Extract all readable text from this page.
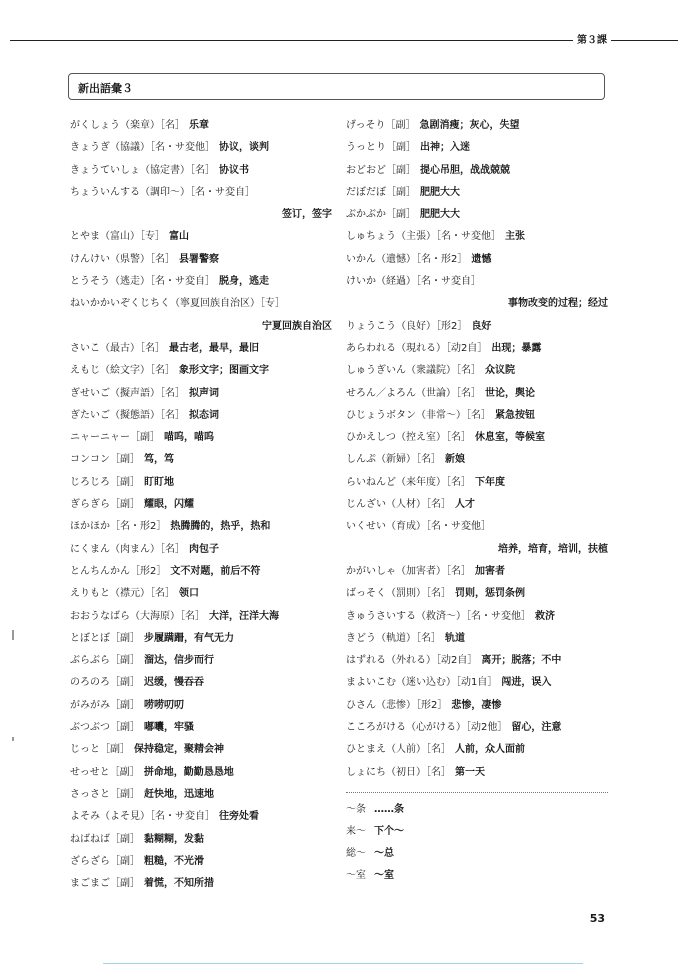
第３課
新出語彙３
がくしょう（楽章）［名］ 乐章
きょうぎ（協議）［名・サ変他］ 协议，谈判
きょうていしょ（協定書）［名］ 协议书
ちょういんする（調印〜）［名・サ変自］
签订，签字
とやま（富山）［专］ 富山
けんけい（県警）［名］ 县署警察
とうそう（逃走）［名・サ変自］ 脱身，逃走
ねいかかいぞくじちく（寧夏回族自治区）［专］
宁夏回族自治区
さいこ（最古）［名］ 最古老，最早，最旧
えもじ（絵文字）［名］ 象形文字；图画文字
ぎせいご（擬声語）［名］ 拟声词
ぎたいご（擬態語）［名］ 拟态词
ニャーニャー［副］ 喵呜，喵呜
コンコン［副］ 笃，笃
じろじろ［副］ 盯盯地
ぎらぎら［副］ 耀眼，闪耀
ほかほか［名・形2］ 热腾腾的，热乎，热和
にくまん（肉まん）［名］ 肉包子
とんちんかん［形2］ 文不对题，前后不符
えりもと（襟元）［名］ 领口
おおうなばら（大海原）［名］ 大洋，汪洋大海
とぼとぼ［副］ 步履蹒跚，有气无力
ぶらぶら［副］ 溜达，信步而行
のろのろ［副］ 迟缓，慢吞吞
がみがみ［副］ 唠唠叨叨
ぶつぶつ［副］ 嘟囔，牢骚
じっと［副］ 保持稳定，聚精会神
せっせと［副］ 拼命地，勤勤恳恳地
さっさと［副］ 赶快地，迅速地
よそみ（よそ見）［名・サ変自］ 往旁处看
ねばねば［副］ 黏糊糊，发黏
ざらざら［副］ 粗糙，不光滑
まごまご［副］ 着慌，不知所措
げっそり［副］ 急剧消瘦；灰心，失望
うっとり［副］ 出神；入迷
おどおど［副］ 提心吊胆，战战兢兢
だぼだぼ［副］ 肥肥大大
ぶかぶか［副］ 肥肥大大
しゅちょう（主張）［名・サ変他］ 主张
いかん（遺憾）［名・形2］ 遗憾
けいか（経過）［名・サ変自］
事物改变的过程；经过
りょうこう（良好）［形2］ 良好
あらわれる（現れる）［动2自］ 出现；暴露
しゅうぎいん（衆議院）［名］ 众议院
せろん／よろん（世論）［名］ 世论，舆论
ひじょうボタン（非常〜）［名］ 紧急按钮
ひかえしつ（控え室）［名］ 休息室，等候室
しんぷ（新婦）［名］ 新娘
らいねんど（来年度）［名］ 下年度
じんざい（人材）［名］ 人才
いくせい（育成）［名・サ変他］
培养，培育，培训，扶植
かがいしゃ（加害者）［名］ 加害者
ばっそく（罰則）［名］ 罚则，惩罚条例
きゅうさいする（救済〜）［名・サ変他］ 救济
きどう（軌道）［名］ 轨道
はずれる（外れる）［动2自］ 离开；脱落；不中
まよいこむ（迷い込む）［动1自］ 闯进，误入
ひさん（悲惨）［形2］ 悲惨，凄惨
こころがける（心がける）［动2他］ 留心，注意
ひとまえ（人前）［名］ 人前，众人面前
しょにち（初日）［名］ 第一天
〜条 ……条
来〜 下个〜
総〜 〜总
〜室 〜室
53
